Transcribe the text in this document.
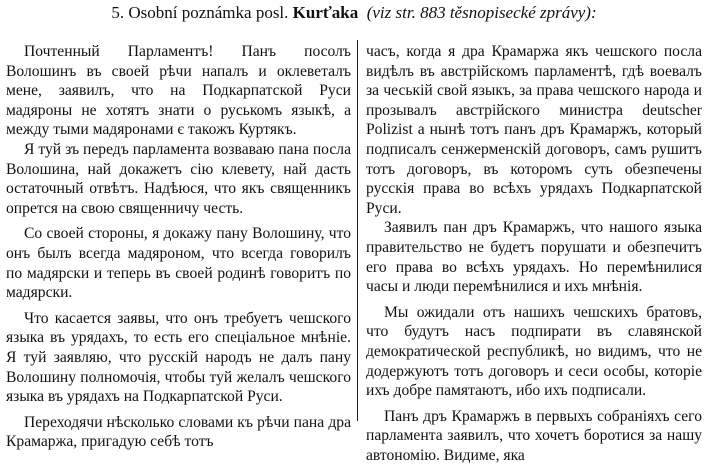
5. Osobní poznámka posl. Kurťaka (viz str. 883 těsnopisecké zprávy):

Почтенный Парламентъ! Панъ посолъ Волошинъ въ своей рѣчи напалъ и оклеветалъ мене, заявилъ, что на Подкарпатской Руси мадяроны не хотятъ знати о руськомъ языкѣ, а между тыми мадяронами є такожъ Куртякъ.

Я туй зъ передъ парламента возваваю пана посла Волошина, най докажетъ сію клевету, най дасть остаточный отвѣтъ. Надѣюся, что якъ священникъ опрется на свою священничу честь.

Со своей стороны, я докажу пану Волошину, что онъ былъ всегда мадяроном, что всегда говорилъ по мадярски и теперь въ своей родинѣ говоритъ по мадярски.

Что касается заявы, что онъ требуетъ чешского языка въ урядахъ, то есть его спеціальное мнѣніе. Я туй заявляю, что русскій народъ не далъ пану Волошину полномочія, чтобы туй желалъ чешского языка въ урядахъ на Подкарпатской Руси.

Переходячи нѣсколько словами къ рѣчи пана дра Крамаржа, пригадую себѣ тотъ

часъ, когда я дра Крамаржа якъ чешского посла видѣлъ въ австрійскомъ парламентѣ, гдѣ воевалъ за чеській свой языкъ, за права чешского народа и прозывалъ австрійского министра deutscher Polizist а нынѣ тотъ панъ дръ Крамаржъ, который подписалъ сенжерменскій договоръ, самъ рушитъ тотъ договоръ, въ которомъ суть обезпечены русскія права во всѣхъ урядахъ Подкарпатской Руси.

Заявилъ пан дръ Крамаржъ, что нашого языка правительство не будетъ порушати и обезпечитъ его права во всѣхъ урядахъ. Но перемѣнилися часы и люди перемѣнилися и ихъ мнѣнія.

Мы ожидали отъ нашихъ чешскихъ братовъ, что будутъ насъ подпирати въ славянской демократической республикѣ, но видимъ, что не додержуютъ тотъ договоръ и сеси особы, которіе ихъ добре памятаютъ, ибо ихъ подписали.

Панъ дръ Крамаржъ в первыхъ собраніяхъ сего парламента заявилъ, что хочетъ боротися за нашу автономію. Видиме, яка
